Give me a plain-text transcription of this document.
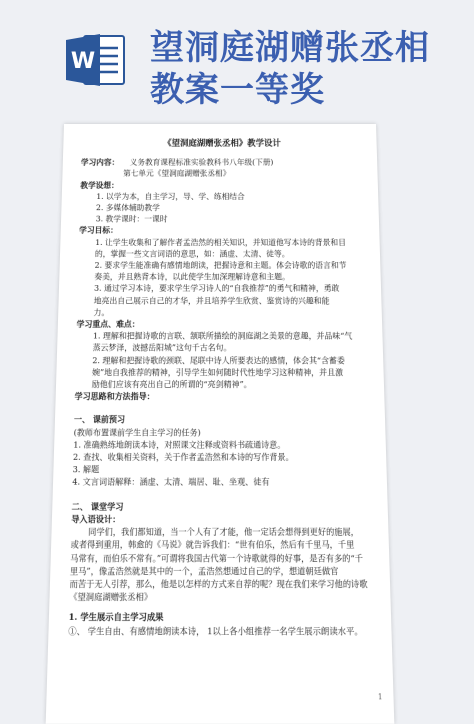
W 望洞庭湖赠张丞相
教案一等奖
《望洞庭湖赠张丞相》教学设计
学习内容： 义务教育课程标准实验教科书八年级(下册)
第七单元《望洞庭湖赠张丞相》
教学设想：
1. 以学为本，自主学习，导、学、练相结合
2. 多媒体辅助教学
3. 教学课时：一课时
学习目标：
1. 让学生收集和了解作者孟浩然的相关知识，并知道他写本诗的背景和目
的，掌握一些文言词语的意思，如：涵虚、太清、徒等。
2. 要求学生能准确有感情地朗读，把握诗意和主题。体会诗歌的语言和节
奏美，并且熟背本诗，以此使学生加深理解诗意和主题。
3. 通过学习本诗，要求学生学习诗人的“自我推荐”的勇气和精神，勇敢
地亮出自己展示自己的才华，并且培养学生欣赏、鉴赏诗的兴趣和能
力。
学习重点、难点：
1. 理解和把握诗歌的言联、颔联所描绘的洞庭湖之美景的意趣，并品味“气
蒸云梦泽，波撼岳阳城”这句千古名句。
2. 理解和把握诗歌的颈联、尾联中诗人所要表达的感情，体会其“含蓄委
婉”地自我推荐的精神，引导学生如何随时代性地学习这种精神，并且激
励他们应该有亮出自己的所谓的“亮剑精神”。
学习思路和方法指导：
一、 课前预习
(教师布置课前学生自主学习的任务)
1. 准确熟练地朗读本诗，对照课文注释或资料书疏通诗意。
2. 查找、收集相关资料，关于作者孟浩然和本诗的写作背景。
3. 解题
4. 文言词语解释：涵虚、太清、端居、耻、坐观、徒有
二、 课堂学习
导入语设计：
同学们，我们都知道，当一个人有了才能，他一定话会想得到更好的施展，
或者得到重用，韩愈的《马说》就告诉我们：“世有伯乐，然后有千里马，千里
马常有，而伯乐不常有。”可谓将我国古代第一个诗歌就得的好事，是否有多的“千
里马”，像孟浩然就是其中的一个，孟浩然想通过自己的学，想道朝廷做官
而苦于无人引荐，那么，他是以怎样的方式来自荐的呢？现在我们来学习他的诗歌
《望洞庭湖赠张丞相》
1. 学生展示自主学习成果
①、 学生自由、有感情地朗读本诗， 1以上各小组推荐一名学生展示朗读水平。
1
